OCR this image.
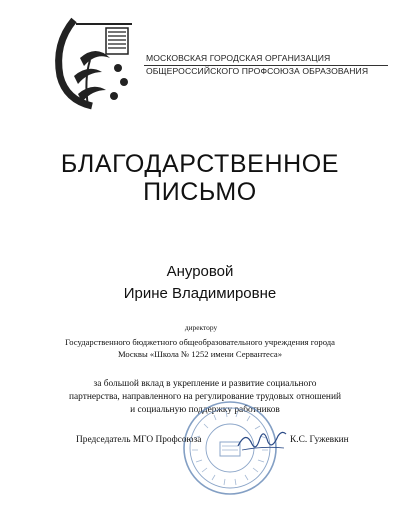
МОСКОВСКАЯ ГОРОДСКАЯ ОРГАНИЗАЦИЯ
ОБЩЕРОССИЙСКОГО ПРОФСОЮЗА ОБРАЗОВАНИЯ
БЛАГОДАРСТВЕННОЕ
ПИСЬМО
Ануровой
Ирине Владимировне
директору
Государственного бюджетного общеобразовательного учреждения города
Москвы «Школа № 1252 имени Сервантеса»
за большой вклад в укрепление и развитие социального
партнерства, направленного на регулирование трудовых отношений
и социальную поддержку работников
Председатель МГО Профсоюза	К.С. Гужевкин
